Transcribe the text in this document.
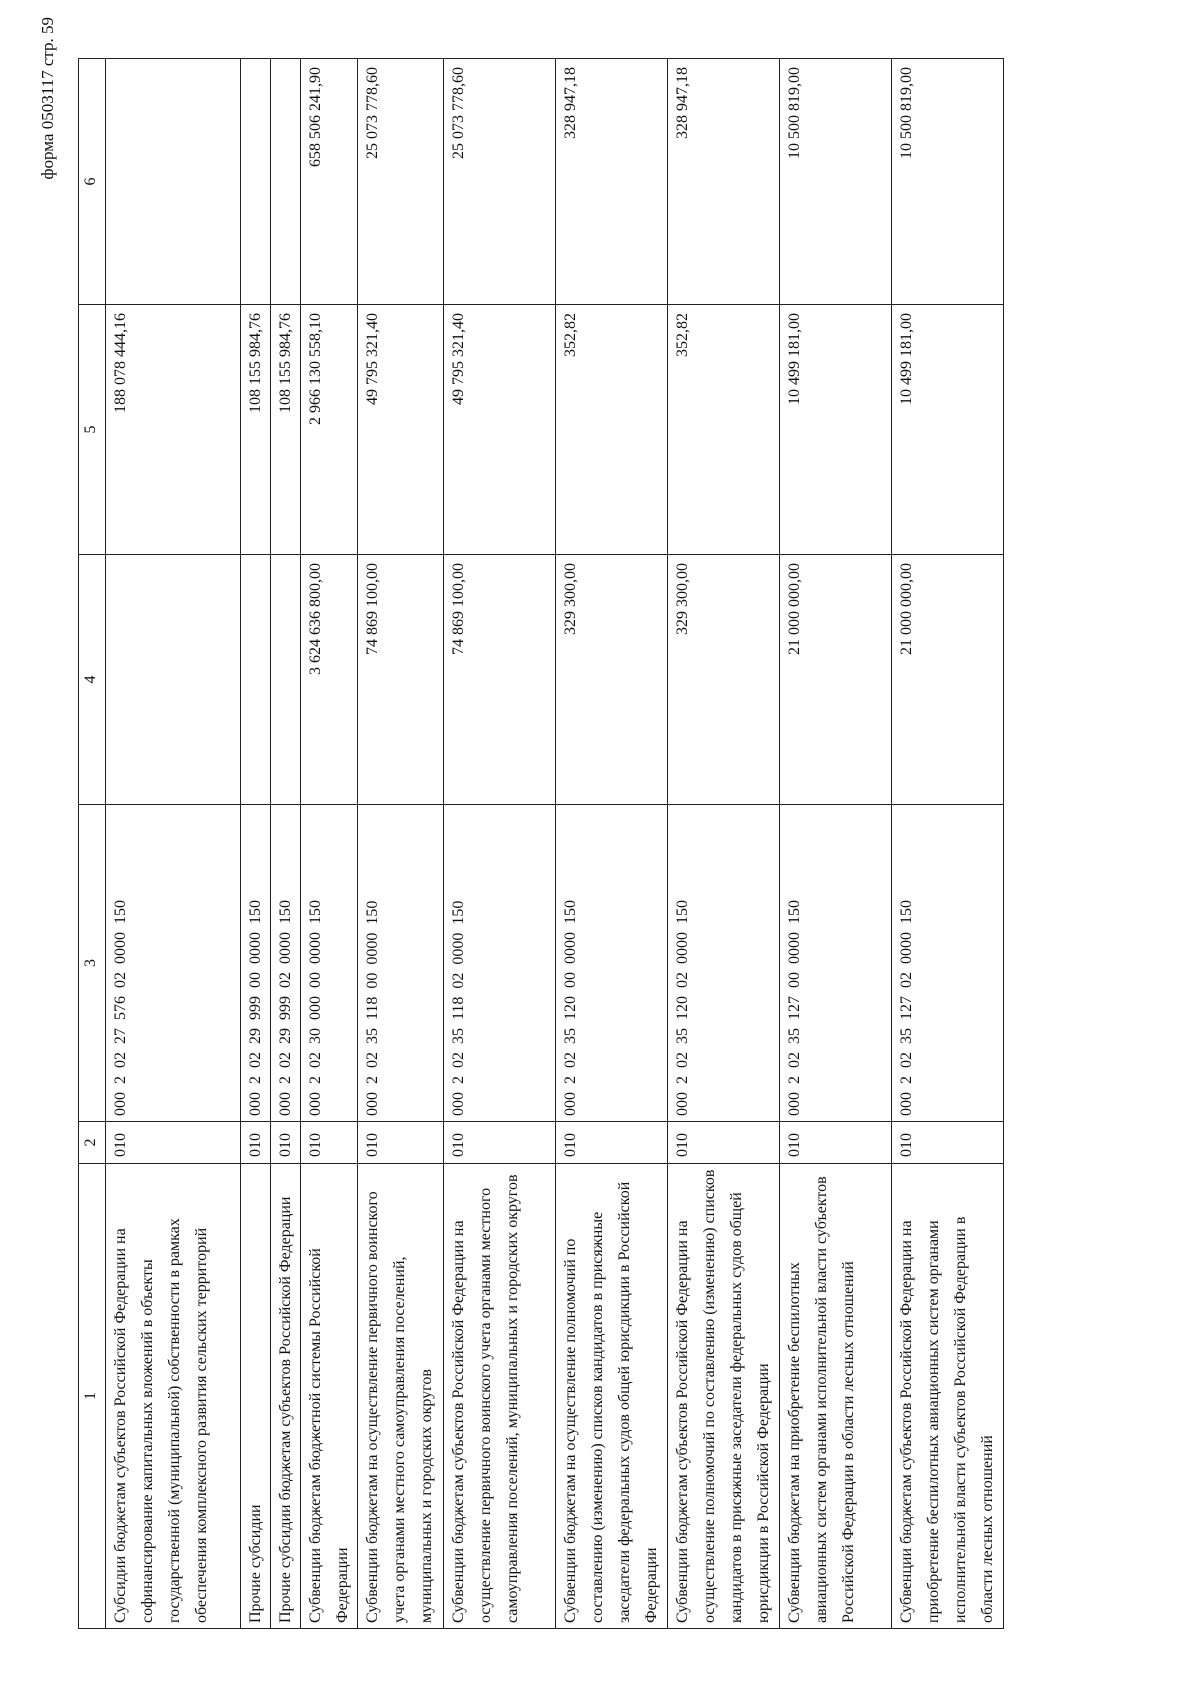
форма 0503117 стр. 59
1	2	3	4	5	6
Субсидии бюджетам субъектов Российской Федерации на софинансирование капитальных вложений в объекты государственной (муниципальной) собственности в рамках обеспечения комплексного развития сельских территорий	010	000  2  02  27  576  02  0000  150		188 078 444,16	
Прочие субсидии	010	000  2  02  29  999  00  0000  150		108 155 984,76	
Прочие субсидии бюджетам субъектов Российской Федерации	010	000  2  02  29  999  02  0000  150		108 155 984,76	
Субвенции бюджетам бюджетной системы Российской Федерации	010	000  2  02  30  000  00  0000  150	3 624 636 800,00	2 966 130 558,10	658 506 241,90
Субвенции бюджетам на осуществление первичного воинского учета органами местного самоуправления поселений, муниципальных и городских округов	010	000  2  02  35  118  00  0000  150	74 869 100,00	49 795 321,40	25 073 778,60
Субвенции бюджетам субъектов Российской Федерации на осуществление первичного воинского учета органами местного самоуправления поселений, муниципальных и городских округов	010	000  2  02  35  118  02  0000  150	74 869 100,00	49 795 321,40	25 073 778,60
Субвенции бюджетам на осуществление полномочий по составлению (изменению) списков кандидатов в присяжные заседатели федеральных судов общей юрисдикции в Российской Федерации	010	000  2  02  35  120  00  0000  150	329 300,00	352,82	328 947,18
Субвенции бюджетам субъектов Российской Федерации на осуществление полномочий по составлению (изменению) списков кандидатов в присяжные заседатели федеральных судов общей юрисдикции в Российской Федерации	010	000  2  02  35  120  02  0000  150	329 300,00	352,82	328 947,18
Субвенции бюджетам на приобретение беспилотных авиационных систем органами исполнительной власти субъектов Российской Федерации в области лесных отношений	010	000  2  02  35  127  00  0000  150	21 000 000,00	10 499 181,00	10 500 819,00
Субвенции бюджетам субъектов Российской Федерации на приобретение беспилотных авиационных систем органами исполнительной власти субъектов Российской Федерации в области лесных отношений	010	000  2  02  35  127  02  0000  150	21 000 000,00	10 499 181,00	10 500 819,00
